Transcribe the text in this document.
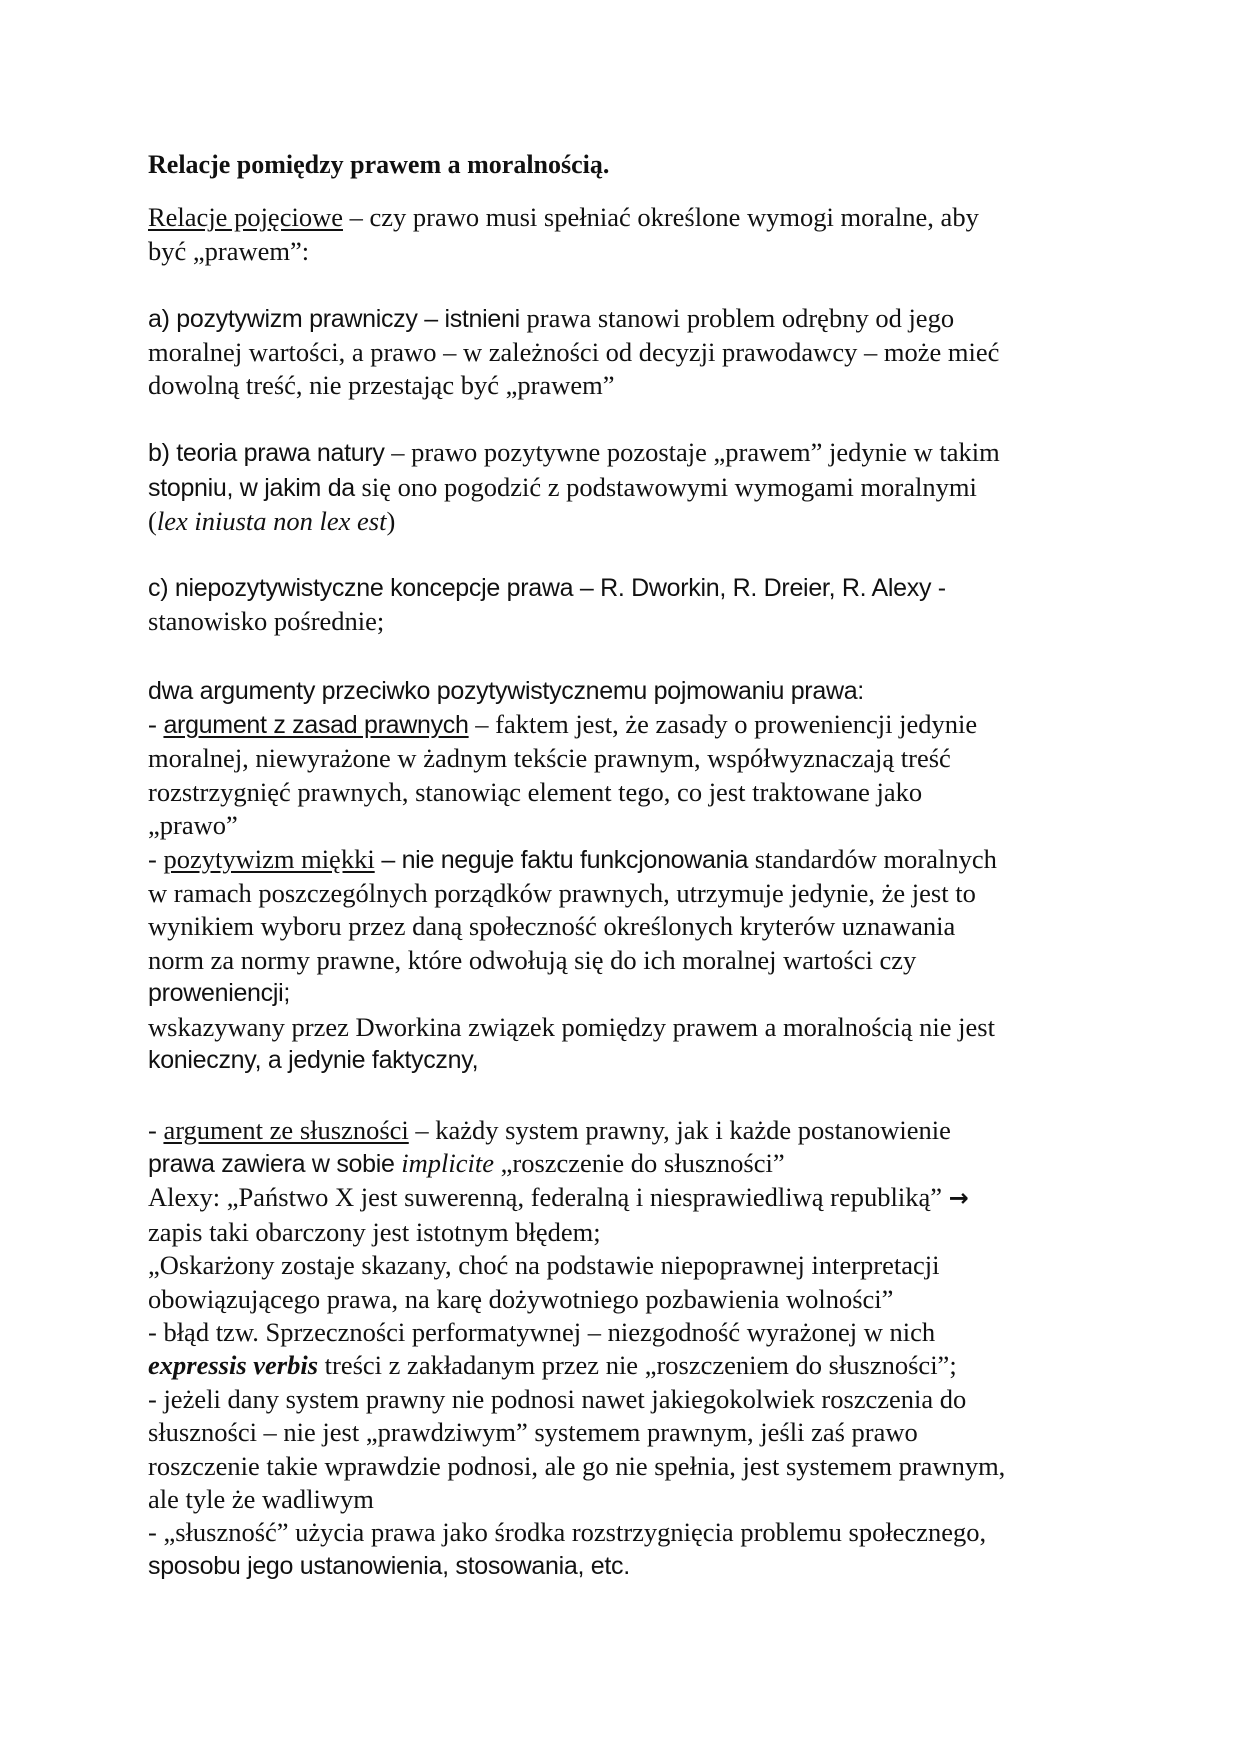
Relacje pomiędzy prawem a moralnością.
Relacje pojęciowe – czy prawo musi spełniać określone wymogi moralne, aby
być „prawem”:
a) pozytywizm prawniczy – istnieni prawa stanowi problem odrębny od jego
moralnej wartości, a prawo – w zależności od decyzji prawodawcy – może mieć
dowolną treść, nie przestając być „prawem”
b) teoria prawa natury – prawo pozytywne pozostaje „prawem” jedynie w takim
stopniu, w jakim da się ono pogodzić z podstawowymi wymogami moralnymi
(lex iniusta non lex est)
c) niepozytywistyczne koncepcje prawa – R. Dworkin, R. Dreier, R. Alexy -
stanowisko pośrednie;
dwa argumenty przeciwko pozytywistycznemu pojmowaniu prawa:
- argument z zasad prawnych – faktem jest, że zasady o proweniencji jedynie
moralnej, niewyrażone w żadnym tekście prawnym, współwyznaczają treść
rozstrzygnięć prawnych, stanowiąc element tego, co jest traktowane jako
„prawo”
- pozytywizm miękki – nie neguje faktu funkcjonowania standardów moralnych
w ramach poszczególnych porządków prawnych, utrzymuje jedynie, że jest to
wynikiem wyboru przez daną społeczność określonych kryterów uznawania
norm za normy prawne, które odwołują się do ich moralnej wartości czy
proweniencji;
wskazywany przez Dworkina związek pomiędzy prawem a moralnością nie jest
konieczny, a jedynie faktyczny,
- argument ze słuszności – każdy system prawny, jak i każde postanowienie
prawa zawiera w sobie implicite „roszczenie do słuszności”
Alexy: „Państwo X jest suwerenną, federalną i niesprawiedliwą republiką” →
zapis taki obarczony jest istotnym błędem;
„Oskarżony zostaje skazany, choć na podstawie niepoprawnej interpretacji
obowiązującego prawa, na karę dożywotniego pozbawienia wolności”
- błąd tzw. Sprzeczności performatywnej – niezgodność wyrażonej w nich
expressis verbis treści z zakładanym przez nie „roszczeniem do słuszności”;
- jeżeli dany system prawny nie podnosi nawet jakiegokolwiek roszczenia do
słuszności – nie jest „prawdziwym” systemem prawnym, jeśli zaś prawo
roszczenie takie wprawdzie podnosi, ale go nie spełnia, jest systemem prawnym,
ale tyle że wadliwym
- „słuszność” użycia prawa jako środka rozstrzygnięcia problemu społecznego,
sposobu jego ustanowienia, stosowania, etc.
